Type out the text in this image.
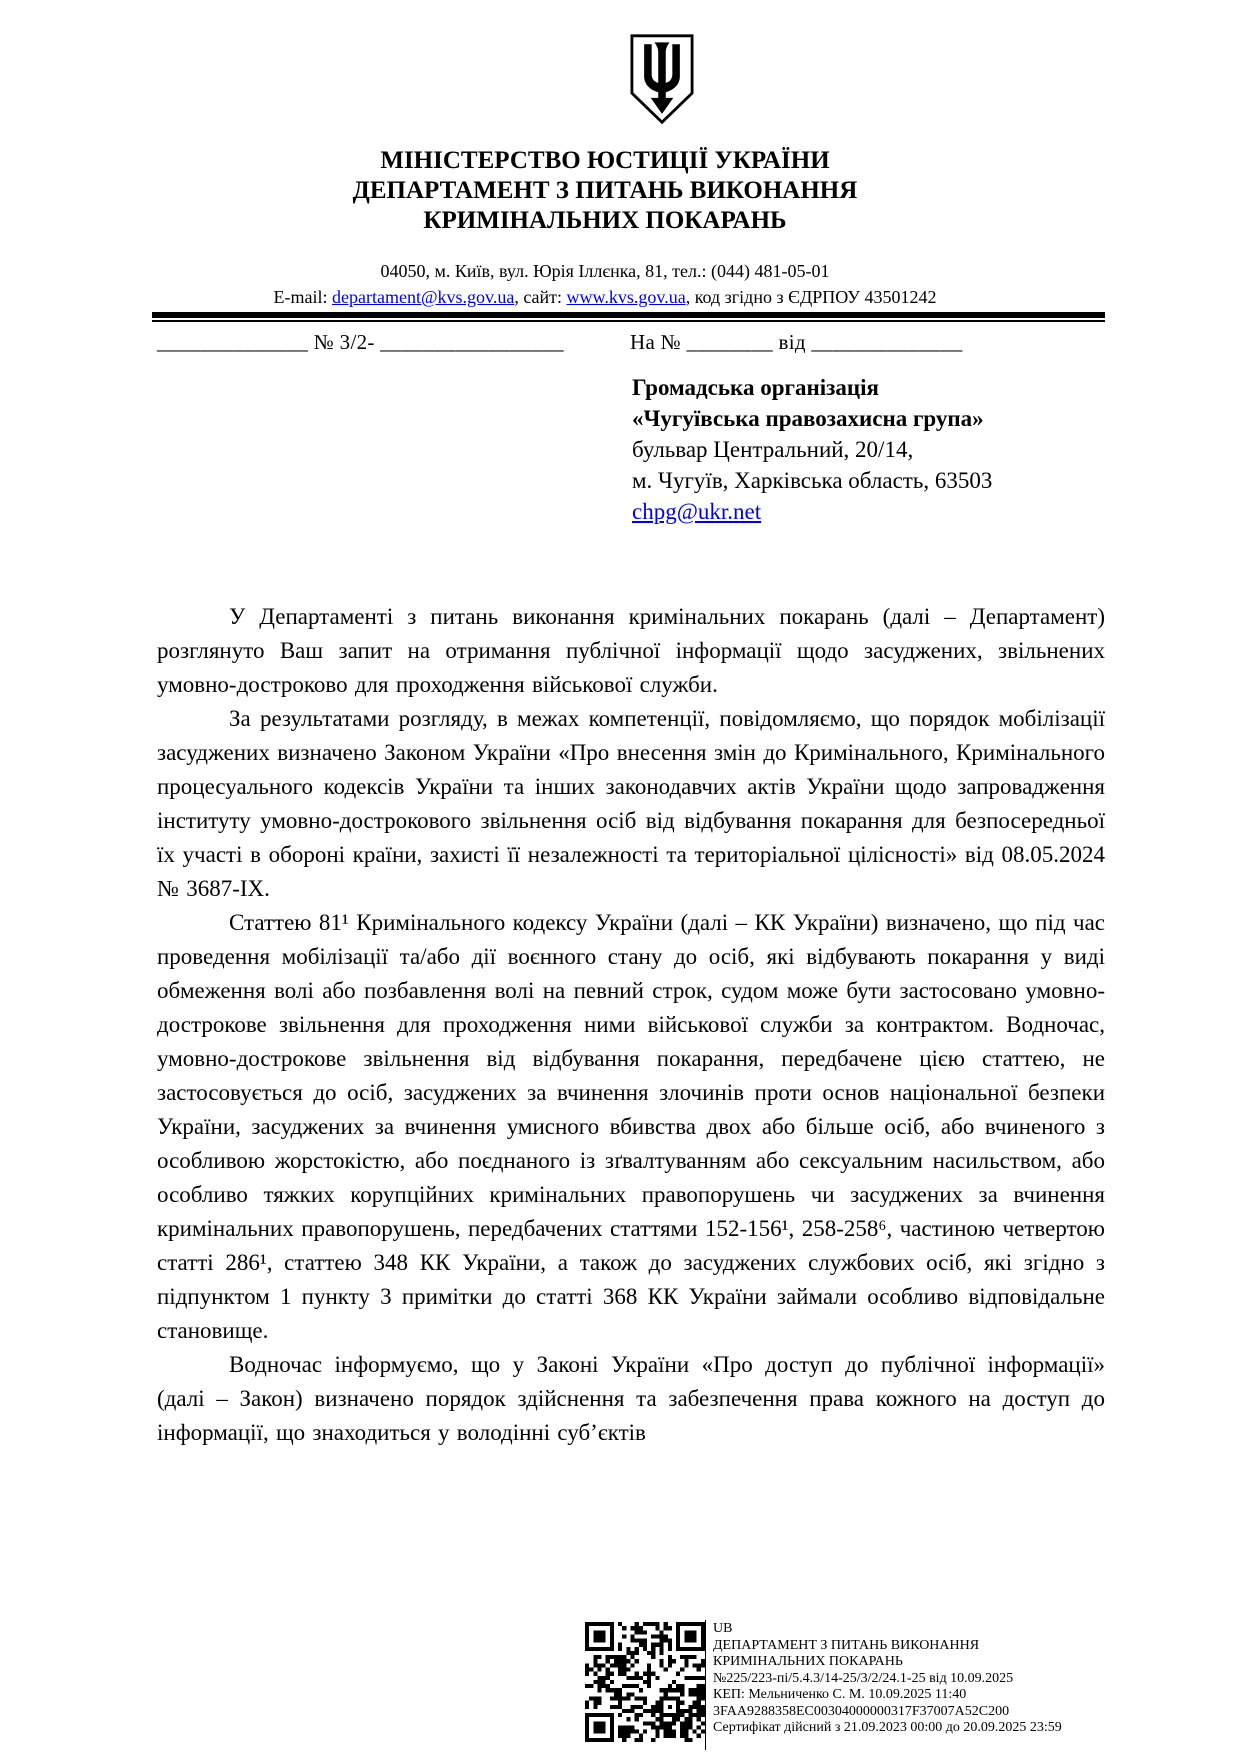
МІНІСТЕРСТВО ЮСТИЦІЇ УКРАЇНИ
ДЕПАРТАМЕНТ З ПИТАНЬ ВИКОНАННЯ
КРИМІНАЛЬНИХ ПОКАРАНЬ
04050, м. Київ, вул. Юрія Іллєнка, 81, тел.: (044) 481-05-01
E-mail: departament@kvs.gov.ua, сайт: www.kvs.gov.ua, код згідно з ЄДРПОУ 43501242
______________ № 3/2- _________________	На № ________ від ______________
Громадська організація
«Чугуївська правозахисна група»
бульвар Центральний, 20/14,
м. Чугуїв, Харківська область, 63503
chpg@ukr.net

У Департаменті з питань виконання кримінальних покарань (далі – Департамент) розглянуто Ваш запит на отримання публічної інформації щодо засуджених, звільнених умовно-достроково для проходження військової служби.

За результатами розгляду, в межах компетенції, повідомляємо, що порядок мобілізації засуджених визначено Законом України «Про внесення змін до Кримінального, Кримінального процесуального кодексів України та інших законодавчих актів України щодо запровадження інституту умовно-дострокового звільнення осіб від відбування покарання для безпосередньої їх участі в обороні країни, захисті її незалежності та територіальної цілісності» від 08.05.2024 № 3687-IX.

Статтею 81¹ Кримінального кодексу України (далі – КК України) визначено, що під час проведення мобілізації та/або дії воєнного стану до осіб, які відбувають покарання у виді обмеження волі або позбавлення волі на певний строк, судом може бути застосовано умовно-дострокове звільнення для проходження ними військової служби за контрактом. Водночас, умовно-дострокове звільнення від відбування покарання, передбачене цією статтею, не застосовується до осіб, засуджених за вчинення злочинів проти основ національної безпеки України, засуджених за вчинення умисного вбивства двох або більше осіб, або вчиненого з особливою жорстокістю, або поєднаного із зґвалтуванням або сексуальним насильством, або особливо тяжких корупційних кримінальних правопорушень чи засуджених за вчинення кримінальних правопорушень, передбачених статтями 152-156¹, 258-258⁶, частиною четвертою статті 286¹, статтею 348 КК України, а також до засуджених службових осіб, які згідно з підпунктом 1 пункту 3 примітки до статті 368 КК України займали особливо відповідальне становище.

Водночас інформуємо, що у Законі України «Про доступ до публічної інформації» (далі – Закон) визначено порядок здійснення та забезпечення права кожного на доступ до інформації, що знаходиться у володінні суб’єктів

UB
ДЕПАРТАМЕНТ З ПИТАНЬ ВИКОНАННЯ
КРИМІНАЛЬНИХ ПОКАРАНЬ
№225/223-пі/5.4.3/14-25/3/2/24.1-25 від 10.09.2025
КЕП: Мельниченко С. М. 10.09.2025 11:40
3FAA9288358EC00304000000317F37007A52C200
Сертифікат дійсний з 21.09.2023 00:00 до 20.09.2025 23:59
